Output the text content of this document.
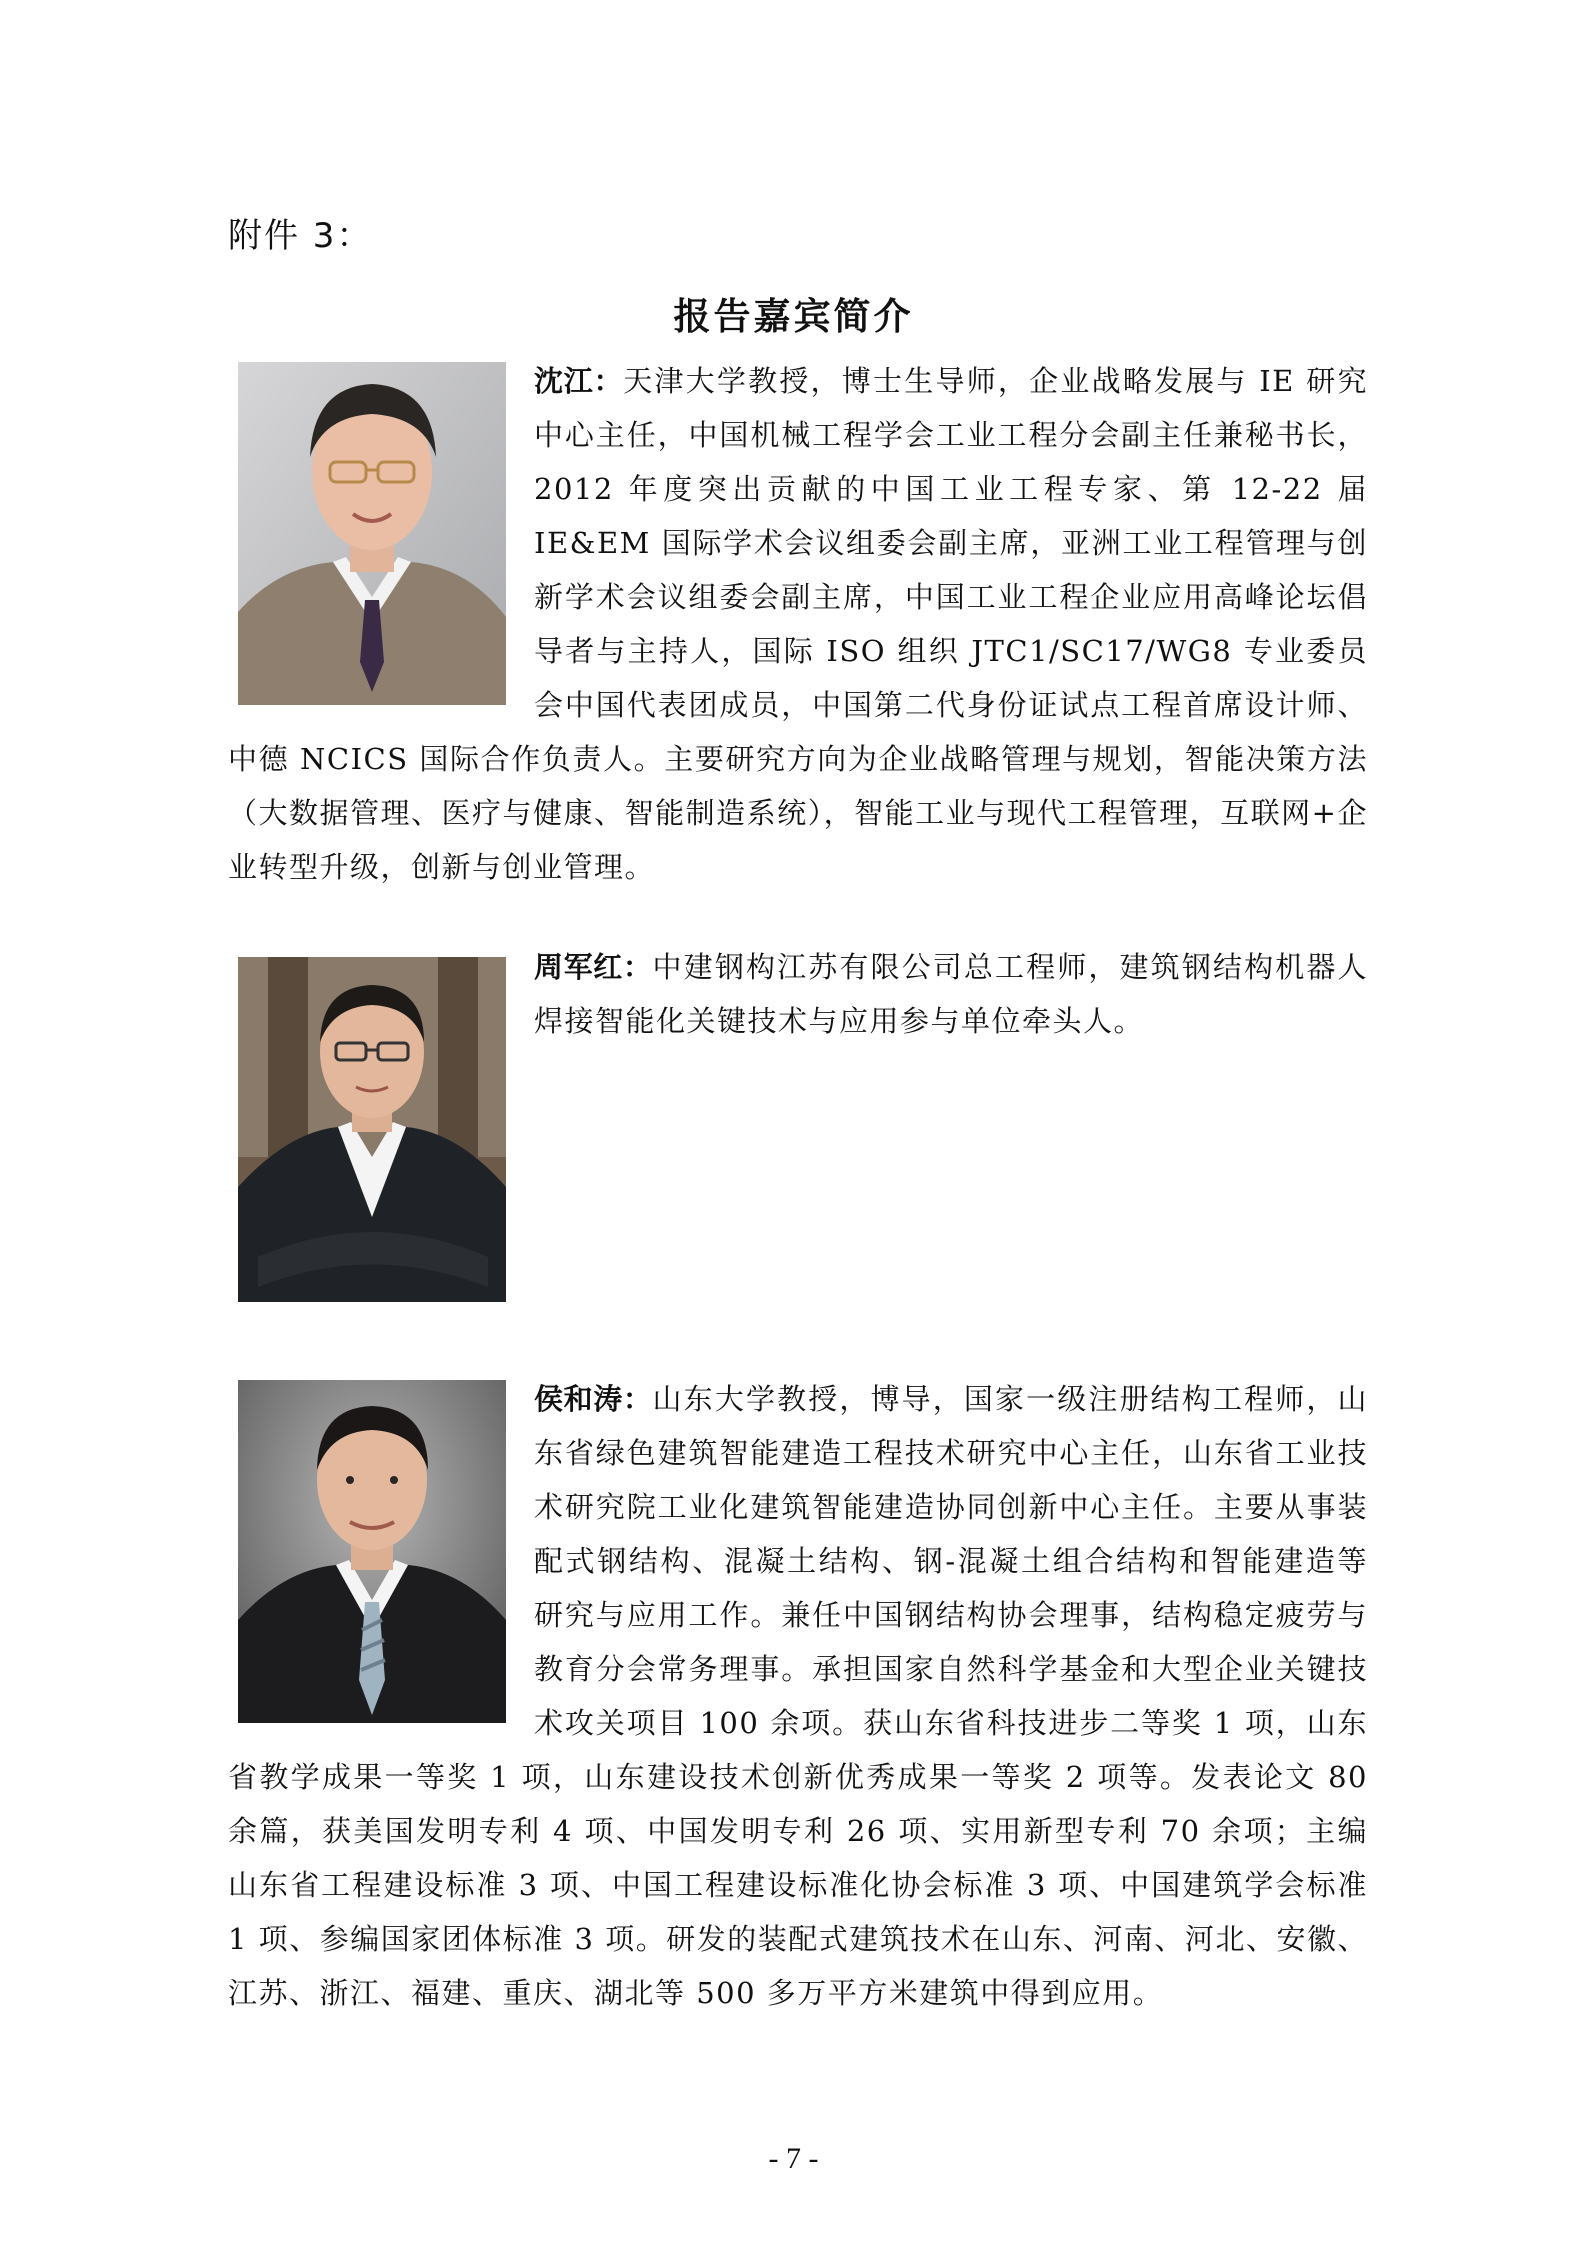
附件 3：
报告嘉宾简介
沈江：天津大学教授，博士生导师，企业战略发展与 IE 研究中心主任，中国机械工程学会工业工程分会副主任兼秘书长，2012 年度突出贡献的中国工业工程专家、第 12-22 届 IE&EM 国际学术会议组委会副主席，亚洲工业工程管理与创新学术会议组委会副主席，中国工业工程企业应用高峰论坛倡导者与主持人，国际 ISO 组织 JTC1/SC17/WG8 专业委员会中国代表团成员，中国第二代身份证试点工程首席设计师、中德 NCICS 国际合作负责人。主要研究方向为企业战略管理与规划，智能决策方法（大数据管理、医疗与健康、智能制造系统），智能工业与现代工程管理，互联网+企业转型升级，创新与创业管理。
周军红：中建钢构江苏有限公司总工程师，建筑钢结构机器人焊接智能化关键技术与应用参与单位牵头人。
侯和涛：山东大学教授，博导，国家一级注册结构工程师，山东省绿色建筑智能建造工程技术研究中心主任，山东省工业技术研究院工业化建筑智能建造协同创新中心主任。主要从事装配式钢结构、混凝土结构、钢-混凝土组合结构和智能建造等研究与应用工作。兼任中国钢结构协会理事，结构稳定疲劳与教育分会常务理事。承担国家自然科学基金和大型企业关键技术攻关项目 100 余项。获山东省科技进步二等奖 1 项，山东省教学成果一等奖 1 项，山东建设技术创新优秀成果一等奖 2 项等。发表论文 80 余篇，获美国发明专利 4 项、中国发明专利 26 项、实用新型专利 70 余项；主编山东省工程建设标准 3 项、中国工程建设标准化协会标准 3 项、中国建筑学会标准 1 项、参编国家团体标准 3 项。研发的装配式建筑技术在山东、河南、河北、安徽、江苏、浙江、福建、重庆、湖北等 500 多万平方米建筑中得到应用。
- 7 -
